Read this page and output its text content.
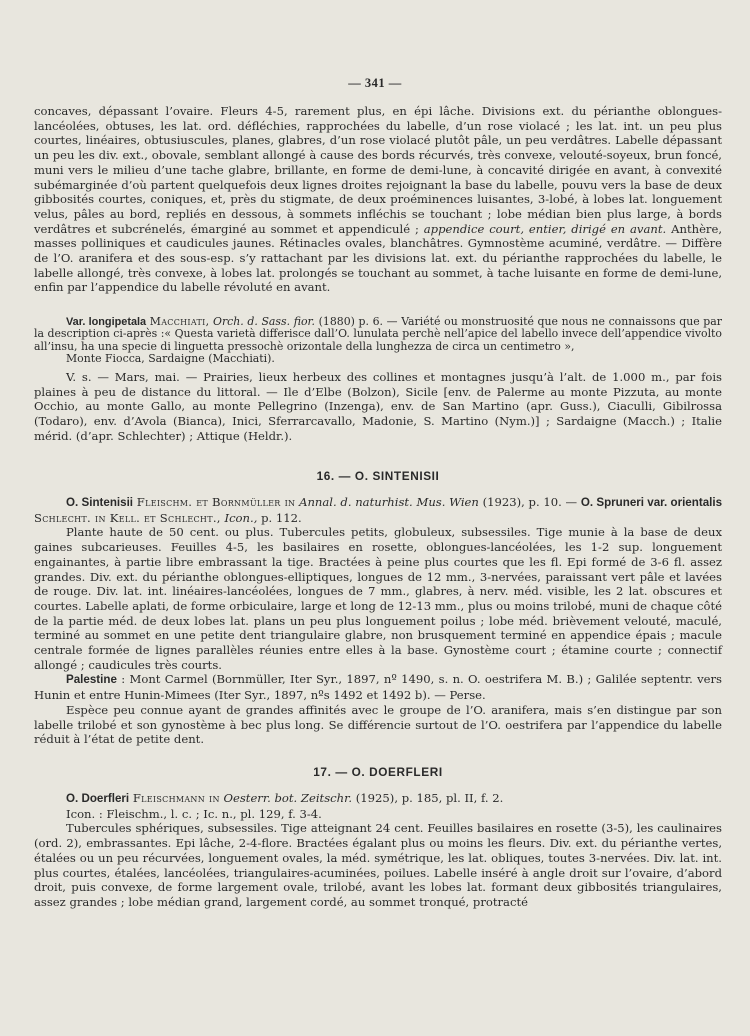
— 341 —

concaves, dépassant l’ovaire. Fleurs 4-5, rarement plus, en épi lâche. Divisions ext. du périanthe oblongues-lancéolées, obtuses, les lat. ord. défléchies, rapprochées du labelle, d’un rose violacé ; les lat. int. un peu plus courtes, linéaires, obtusiuscules, planes, glabres, d’un rose violacé plutôt pâle, un peu verdâtres. Labelle dépassant un peu les div. ext., obovale, semblant allongé à cause des bords récurvés, très convexe, velouté-soyeux, brun foncé, muni vers le milieu d’une tache glabre, brillante, en forme de demi-lune, à concavité dirigée en avant, à convexité subémarginée d’où partent quelquefois deux lignes droites rejoignant la base du labelle, pouvu vers la base de deux gibbosités courtes, coniques, et, près du stigmate, de deux proéminences luisantes, 3-lobé, à lobes lat. longuement velus, pâles au bord, repliés en dessous, à sommets infléchis se touchant ; lobe médian bien plus large, à bords verdâtres et subcrénelés, émarginé au sommet et appendiculé ; appendice court, entier, dirigé en avant. Anthère, masses polliniques et caudicules jaunes. Rétinacles ovales, blanchâtres. Gymnostème acuminé, verdâtre. — Diffère de l’O. aranifera et des sous-esp. s’y rattachant par les divisions lat. ext. du périanthe rapprochées du labelle, le labelle allongé, très convexe, à lobes lat. prolongés se touchant au sommet, à tache luisante en forme de demi-lune, enfin par l’appendice du labelle révoluté en avant.

Var. longipetala Macchiati, Orch. d. Sass. fior. (1880) p. 6. — Variété ou monstruosité que nous ne connaissons que par la description ci-après :« Questa varietà differisce dall’O. lunulata perchè nell’apice del labello invece dell’appendice vivolto all’insu, ha una specie di linguetta pressochè orizontale della lunghezza de circa un centimetro »,

Monte Fiocca, Sardaigne (Macchiati).

V. s. — Mars, mai. — Prairies, lieux herbeux des collines et montagnes jusqu’à l’alt. de 1.000 m., par fois plaines à peu de distance du littoral. — Ile d’Elbe (Bolzon), Sicile [env. de Palerme au monte Pizzuta, au monte Occhio, au monte Gallo, au monte Pellegrino (Inzenga), env. de San Martino (apr. Guss.), Ciaculli, Gibilrossa (Todaro), env. d’Avola (Bianca), Inici, Sferrarcavallo, Madonie, S. Martino (Nym.)] ; Sardaigne (Macch.) ; Italie mérid. (d’apr. Schlechter) ; Attique (Heldr.).

16. — O. SINTENISII

O. Sintenisii Fleischm. et Bornmüller in Annal. d. naturhist. Mus. Wien (1923), p. 10. — O. Spruneri var. orientalis Schlecht. in Kell. et Schlecht., Icon., p. 112.

Plante haute de 50 cent. ou plus. Tubercules petits, globuleux, subsessiles. Tige munie à la base de deux gaines subcarieuses. Feuilles 4-5, les basilaires en rosette, oblongues-lancéolées, les 1-2 sup. longuement engainantes, à partie libre embrassant la tige. Bractées à peine plus courtes que les fl. Epi formé de 3-6 fl. assez grandes. Div. ext. du périanthe oblongues-elliptiques, longues de 12 mm., 3-nervées, paraissant vert pâle et lavées de rouge. Div. lat. int. linéaires-lancéolées, longues de 7 mm., glabres, à nerv. méd. visible, les 2 lat. obscures et courtes. Labelle aplati, de forme orbiculaire, large et long de 12-13 mm., plus ou moins trilobé, muni de chaque côté de la partie méd. de deux lobes lat. plans un peu plus longuement poilus ; lobe méd. brièvement velouté, maculé, terminé au sommet en une petite dent triangulaire glabre, non brusquement terminé en appendice épais ; macule centrale formée de lignes parallèles réunies entre elles à la base. Gynostème court ; étamine courte ; connectif allongé ; caudicules très courts.

Palestine : Mont Carmel (Bornmüller, Iter Syr., 1897, nº 1490, s. n. O. oestrifera M. B.) ; Galilée septentr. vers Hunin et entre Hunin-Mimees (Iter Syr., 1897, nºs 1492 et 1492 b). — Perse.

Espèce peu connue ayant de grandes affinités avec le groupe de l’O. aranifera, mais s’en distingue par son labelle trilobé et son gynostème à bec plus long. Se différencie surtout de l’O. oestrifera par l’appendice du labelle réduit à l’état de petite dent.

17. — O. DOERFLERI

O. Doerfleri Fleischmann in Oesterr. bot. Zeitschr. (1925), p. 185, pl. II, f. 2.

Icon. : Fleischm., l. c. ; Ic. n., pl. 129, f. 3-4.

Tubercules sphériques, subsessiles. Tige atteignant 24 cent. Feuilles basilaires en rosette (3-5), les caulinaires (ord. 2), embrassantes. Epi lâche, 2-4-flore. Bractées égalant plus ou moins les fleurs. Div. ext. du périanthe vertes, étalées ou un peu récurvées, longuement ovales, la méd. symétrique, les lat. obliques, toutes 3-nervées. Div. lat. int. plus courtes, étalées, lancéolées, triangulaires-acuminées, poilues. Labelle inséré à angle droit sur l’ovaire, d’abord droit, puis convexe, de forme largement ovale, trilobé, avant les lobes lat. formant deux gibbosités triangulaires, assez grandes ; lobe médian grand, largement cordé, au sommet tronqué, protracté
